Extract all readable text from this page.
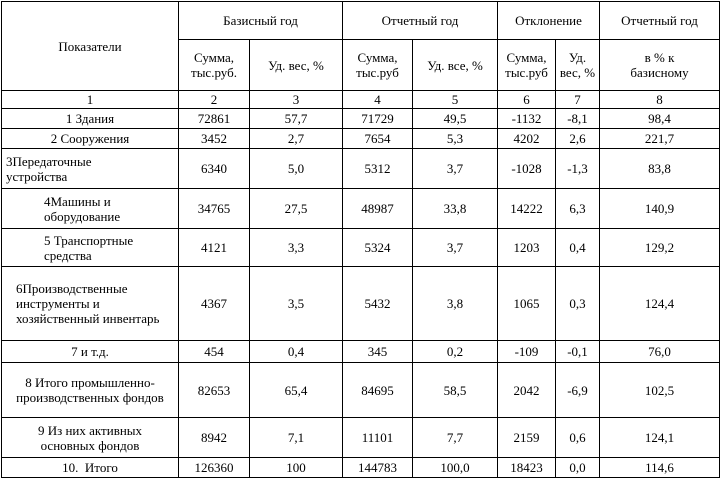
Показатели	Базисный год		Отчетный год		Отклонение		Отчетный год
	Сумма, тыс.руб.	Уд. вес, %	Сумма, тыс.руб	Уд. все, %	Сумма, тыс.руб	Уд. вес, %	в % к базисному
1	2	3	4	5	6	7	8
1 Здания	72861	57,7	71729	49,5	-1132	-8,1	98,4
2 Сооружения	3452	2,7	7654	5,3	4202	2,6	221,7
3Передаточные устройства	6340	5,0	5312	3,7	-1028	-1,3	83,8
4Машины и оборудование	34765	27,5	48987	33,8	14222	6,3	140,9
5 Транспортные средства	4121	3,3	5324	3,7	1203	0,4	129,2
6Производственные инструменты и хозяйственный инвентарь	4367	3,5	5432	3,8	1065	0,3	124,4
7 и т.д.	454	0,4	345	0,2	-109	-0,1	76,0
8 Итого промышленно-производственных фондов	82653	65,4	84695	58,5	2042	-6,9	102,5
9 Из них активных основных фондов	8942	7,1	11101	7,7	2159	0,6	124,1
10.  Итого	126360	100	144783	100,0	18423	0,0	114,6
